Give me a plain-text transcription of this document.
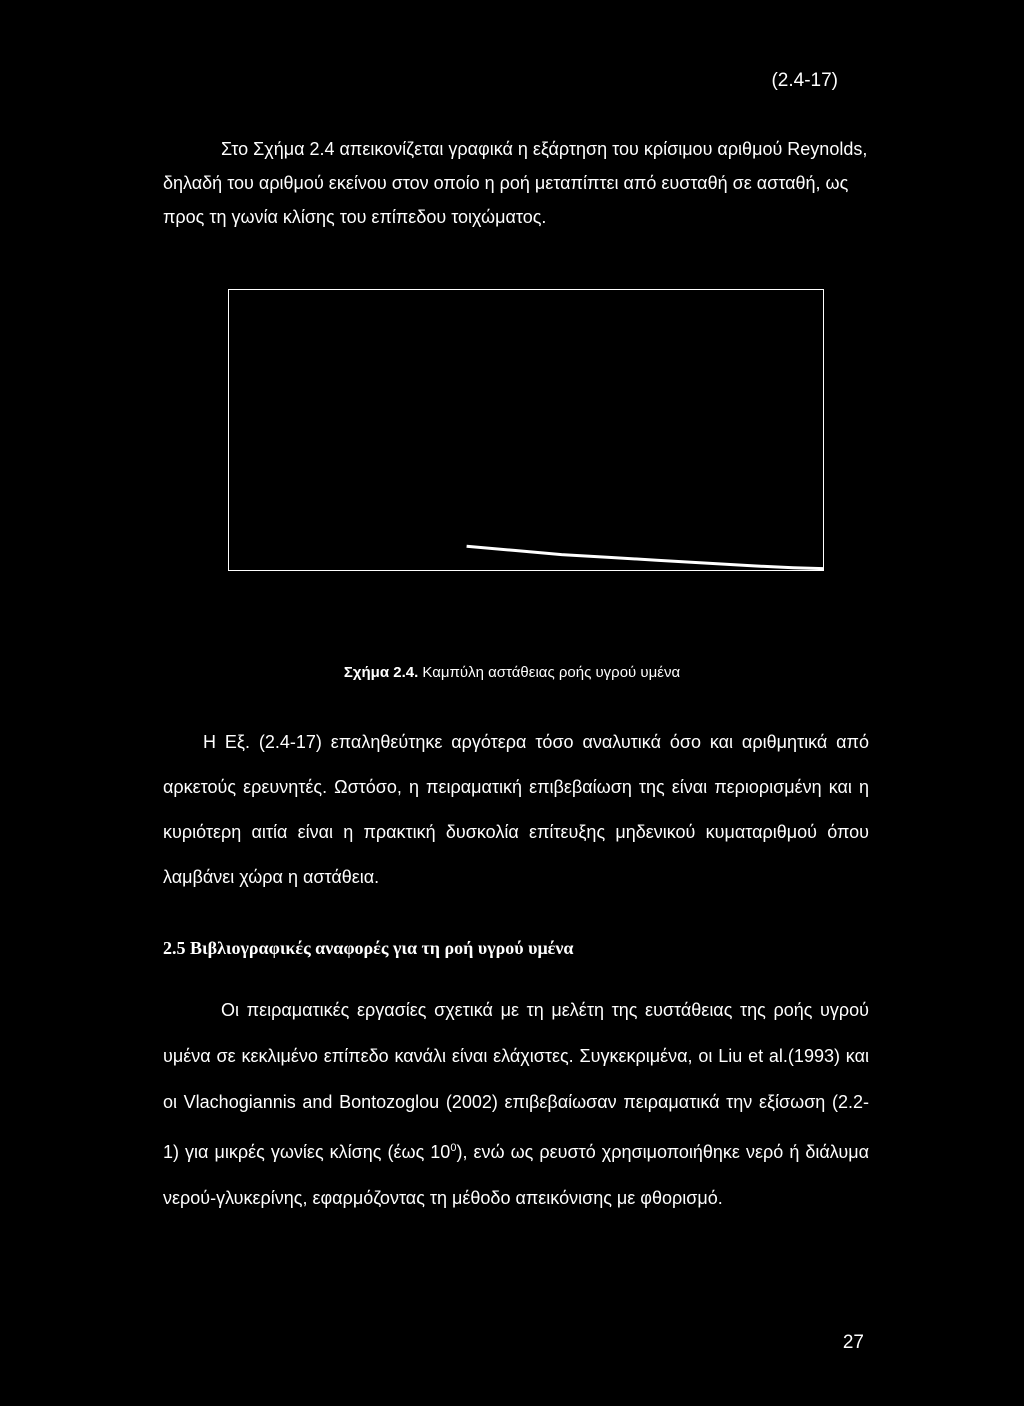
(2.4-17)

Στο Σχήμα 2.4 απεικονίζεται γραφικά η εξάρτηση του κρίσιμου αριθμού Reynolds, δηλαδή του αριθμού εκείνου στον οποίο η ροή μεταπίπτει από ευσταθή σε ασταθή, ως προς τη γωνία κλίσης του επίπεδου τοιχώματος.

Σχήμα 2.4. Καμπύλη αστάθειας ροής υγρού υμένα

Η Εξ. (2.4-17) επαληθεύτηκε αργότερα τόσο αναλυτικά όσο και αριθμητικά από αρκετούς ερευνητές. Ωστόσο, η πειραματική επιβεβαίωση της είναι περιορισμένη και η κυριότερη αιτία είναι η πρακτική δυσκολία επίτευξης μηδενικού κυματαριθμού όπου λαμβάνει χώρα η αστάθεια.

2.5 Βιβλιογραφικές αναφορές για τη ροή υγρού υμένα

Οι πειραματικές εργασίες σχετικά με τη μελέτη της ευστάθειας της ροής υγρού υμένα σε κεκλιμένο επίπεδο κανάλι είναι ελάχιστες. Συγκεκριμένα, οι Liu et al.(1993) και οι Vlachogiannis and Bontozoglou (2002) επιβεβαίωσαν πειραματικά την εξίσωση (2.2-1) για μικρές γωνίες κλίσης (έως $10^0$), ενώ ως ρευστό χρησιμοποιήθηκε νερό ή διάλυμα νερού-γλυκερίνης, εφαρμόζοντας τη μέθοδο απεικόνισης με φθορισμό.

27
